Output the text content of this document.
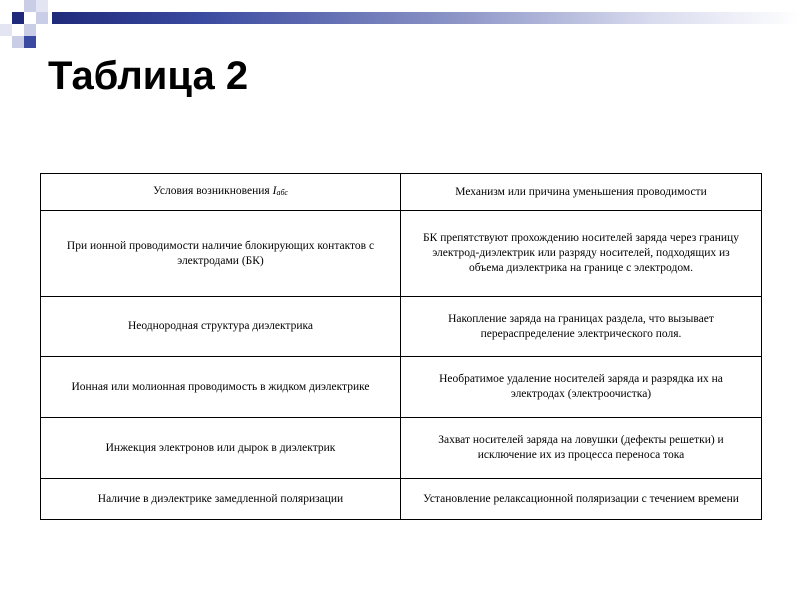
Таблица 2
Условия возникновения Iабс	Механизм или причина уменьшения проводимости
При ионной проводимости наличие блокирующих контактов с электродами (БК)	БК препятствуют прохождению носителей заряда через границу электрод-диэлектрик или разряду носителей, подходящих из объема диэлектрика на границе с электродом.
Неоднородная структура диэлектрика	Накопление заряда на границах раздела, что вызывает перераспределение электрического поля.
Ионная или молионная проводимость в жидком диэлектрике	Необратимое удаление носителей заряда и разрядка их на электродах (электроочистка)
Инжекция электронов или дырок в диэлектрик	Захват носителей заряда на ловушки (дефекты решетки) и исключение их из процесса переноса тока
Наличие в диэлектрике замедленной поляризации	Установление релаксационной поляризации с течением времени
